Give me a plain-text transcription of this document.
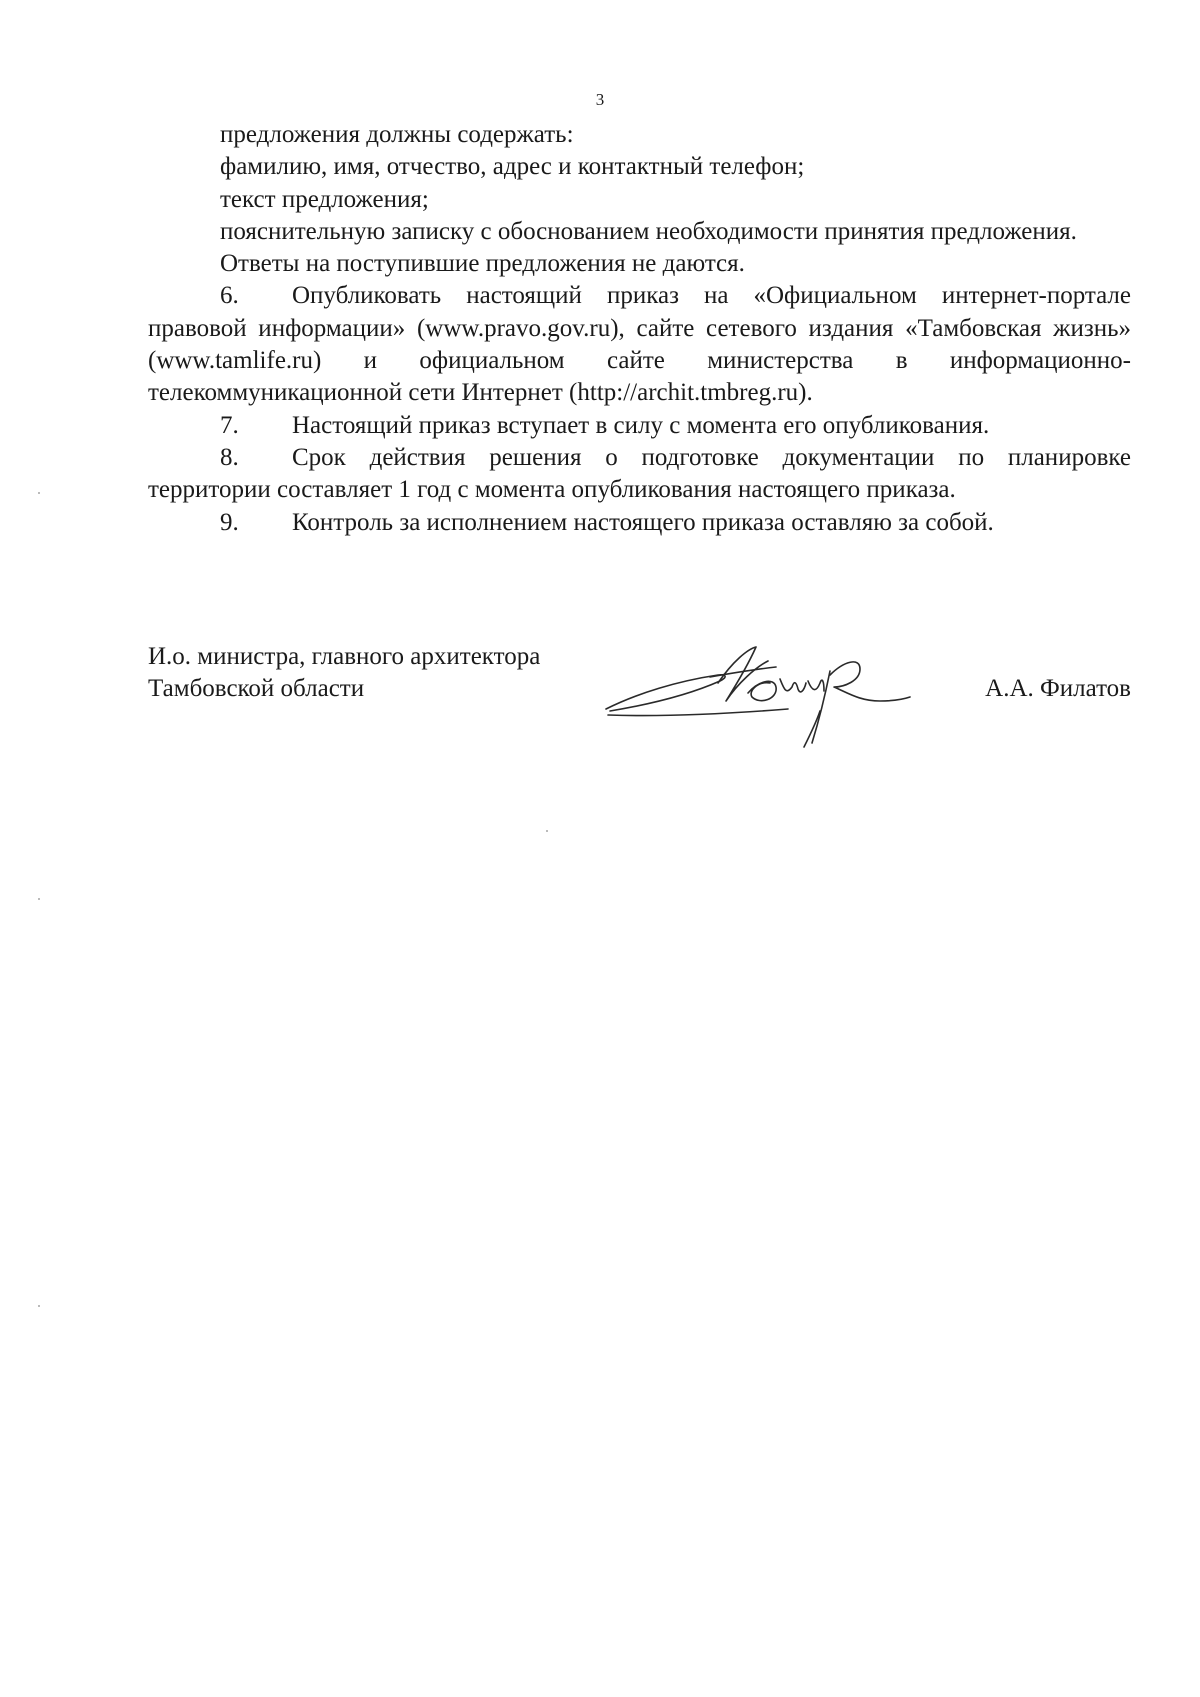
3

предложения должны содержать:

фамилию, имя, отчество, адрес и контактный телефон;

текст предложения;

пояснительную записку с обоснованием необходимости принятия предложения.

Ответы на поступившие предложения не даются.

6. Опубликовать настоящий приказ на «Официальном интернет-портале правовой информации» (www.pravo.gov.ru), сайте сетевого издания «Тамбовская жизнь» (www.tamlife.ru) и официальном сайте министерства в информационно-телекоммуникационной сети Интернет (http://archit.tmbreg.ru).

7. Настоящий приказ вступает в силу с момента его опубликования.

8. Срок действия решения о подготовке документации по планировке территории составляет 1 год с момента опубликования настоящего приказа.

9. Контроль за исполнением настоящего приказа оставляю за собой.

И.о. министра, главного архитектора
Тамбовской области	А.А. Филатов
